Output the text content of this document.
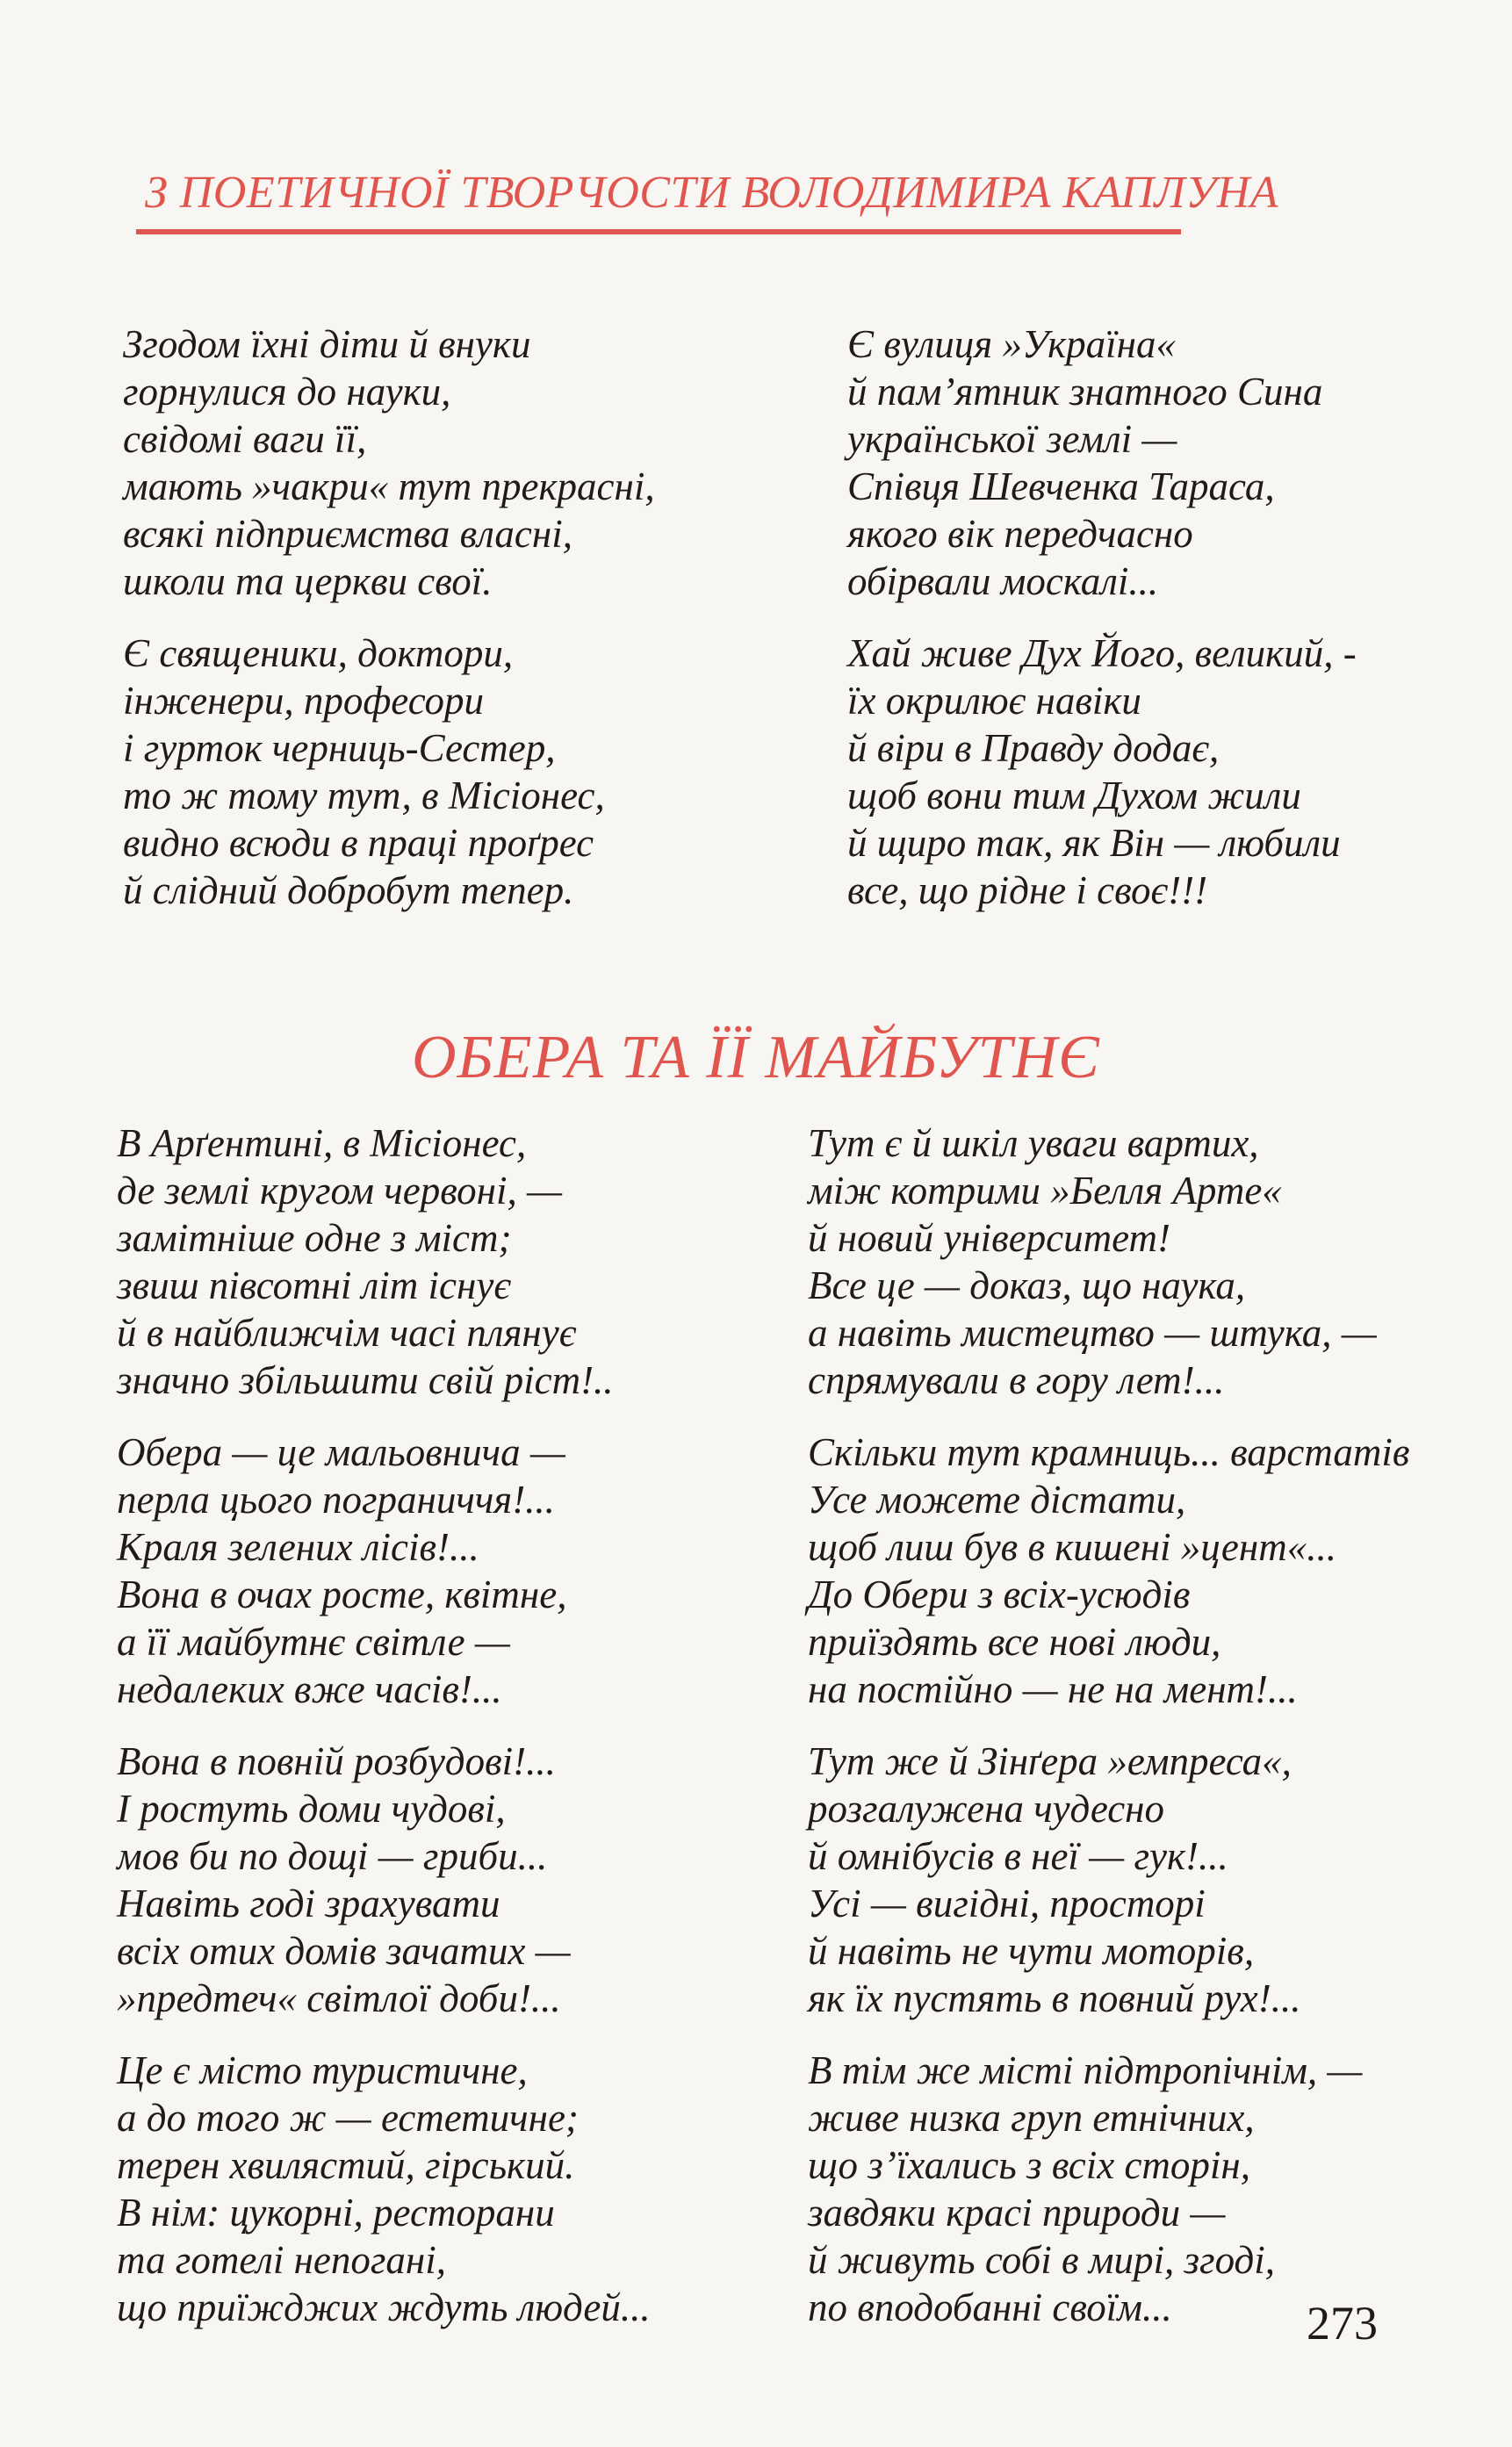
З ПОЕТИЧНОЇ ТВОРЧОСТИ ВОЛОДИМИРА КАПЛУНА
Згодом їхні діти й внуки
горнулися до науки,
свідомі ваги її,
мають »чакри« тут прекрасні,
всякі підприємства власні,
школи та церкви свої.
Є священики, доктори,
інженери, професори
і гурток черниць-Сестер,
то ж тому тут, в Місіонес,
видно всюди в праці проґрес
й слідний добробут тепер.
Є вулиця »Україна«
й пам’ятник знатного Сина
української землі —
Співця Шевченка Тараса,
якого вік передчасно
обірвали москалі...
Хай живе Дух Його, великий, -
їх окрилює навіки
й віри в Правду додає,
щоб вони тим Духом жили
й щиро так, як Він — любили
все, що рідне і своє!!!
ОБЕРА ТА ЇЇ МАЙБУТНЄ
В Арґентині, в Місіонес,
де землі кругом червоні, —
замітніше одне з міст;
звиш півсотні літ існує
й в найближчім часі плянує
значно збільшити свій ріст!..
Обера — це мальовнича —
перла цього пограниччя!...
Краля зелених лісів!...
Вона в очах росте, квітне,
а її майбутнє світле —
недалеких вже часів!...
Вона в повній розбудові!...
І ростуть доми чудові,
мов би по дощі — гриби...
Навіть годі зрахувати
всіх отих домів зачатих —
»предтеч« світлої доби!...
Це є місто туристичне,
а до того ж — естетичне;
терен хвилястий, гірський.
В нім: цукорні, ресторани
та готелі непогані,
що приїжджих ждуть людей...
Тут є й шкіл уваги вартих,
між котрими »Белля Арте«
й новий університет!
Все це — доказ, що наука,
а навіть мистецтво — штука, —
спрямували в гору лет!...
Скільки тут крамниць... варстатів
Усе можете дістати,
щоб лиш був в кишені »цент«...
До Обери з всіх-усюдів
приїздять все нові люди,
на постійно — не на мент!...
Тут же й Зінґера »емпреса«,
розгалужена чудесно
й омнібусів в неї — гук!...
Усі — вигідні, просторі
й навіть не чути моторів,
як їх пустять в повний рух!...
В тім же місті підтропічнім, —
живе низка груп етнічних,
що з’їхались з всіх сторін,
завдяки красі природи —
й живуть собі в мирі, згоді,
по вподобанні своїм...	273
